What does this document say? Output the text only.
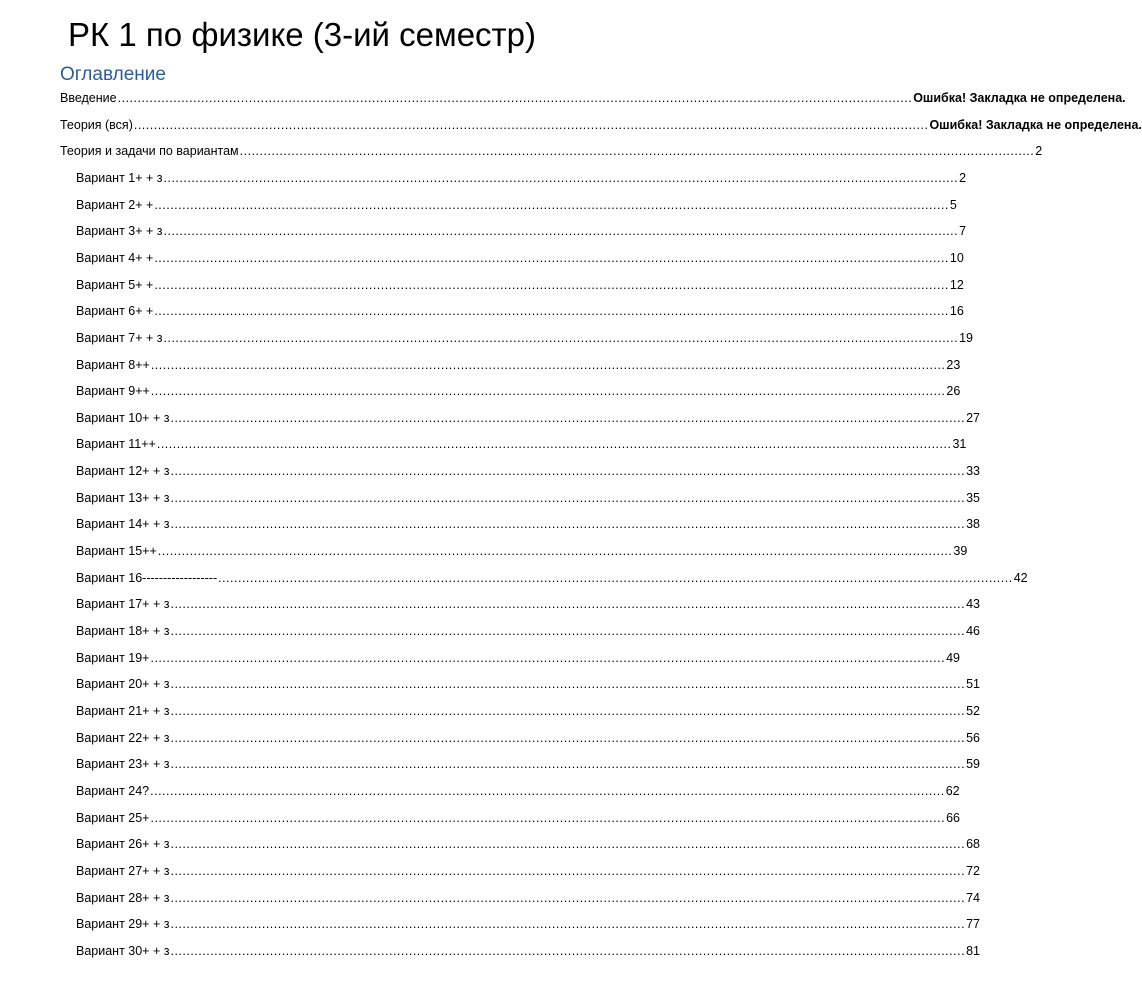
РК 1 по физике (3-ий семестр)
Оглавление
Введение ........................................................................................................................................................................................................ Ошибка! Закладка не определена.
Теория (вся) ........................................................................................................................................................................................................ Ошибка! Закладка не определена.
Теория и задачи по вариантам ........................................................................................................................................................................................................ 2
Вариант 1+ + з ........................................................................................................................................................................................................ 2
Вариант 2+ + ........................................................................................................................................................................................................ 5
Вариант 3+ + з ........................................................................................................................................................................................................ 7
Вариант 4+ + ........................................................................................................................................................................................................ 10
Вариант 5+ + ........................................................................................................................................................................................................ 12
Вариант 6+ + ........................................................................................................................................................................................................ 16
Вариант 7+ + з ........................................................................................................................................................................................................ 19
Вариант 8++ ........................................................................................................................................................................................................ 23
Вариант 9++ ........................................................................................................................................................................................................ 26
Вариант 10+ + з ........................................................................................................................................................................................................ 27
Вариант 11++ ........................................................................................................................................................................................................ 31
Вариант 12+ + з ........................................................................................................................................................................................................ 33
Вариант 13+ + з ........................................................................................................................................................................................................ 35
Вариант 14+ + з ........................................................................................................................................................................................................ 38
Вариант 15++ ........................................................................................................................................................................................................ 39
Вариант 16------------------ ........................................................................................................................................................................................................ 42
Вариант 17+ + з ........................................................................................................................................................................................................ 43
Вариант 18+ + з ........................................................................................................................................................................................................ 46
Вариант 19+ ........................................................................................................................................................................................................ 49
Вариант 20+ + з ........................................................................................................................................................................................................ 51
Вариант 21+ + з ........................................................................................................................................................................................................ 52
Вариант 22+ + з ........................................................................................................................................................................................................ 56
Вариант 23+ + з ........................................................................................................................................................................................................ 59
Вариант 24? ........................................................................................................................................................................................................ 62
Вариант 25+ ........................................................................................................................................................................................................ 66
Вариант 26+ + з ........................................................................................................................................................................................................ 68
Вариант 27+ + з ........................................................................................................................................................................................................ 72
Вариант 28+ + з ........................................................................................................................................................................................................ 74
Вариант 29+ + з ........................................................................................................................................................................................................ 77
Вариант 30+ + з ........................................................................................................................................................................................................ 81
